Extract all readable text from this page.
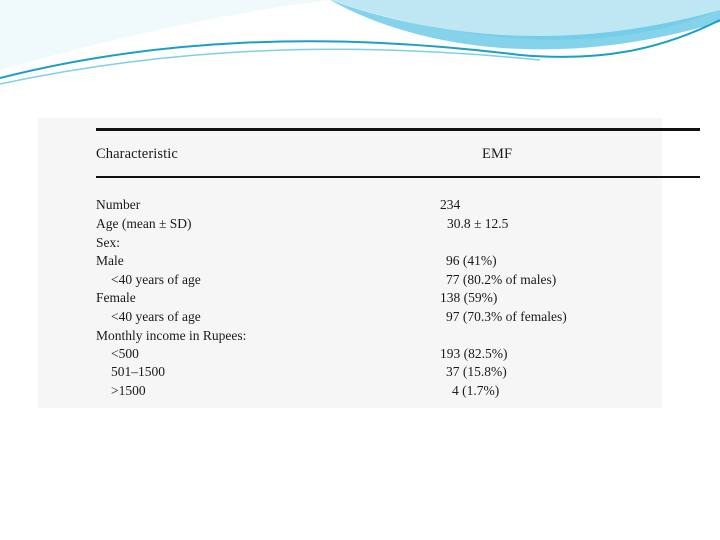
Characteristic	EMF
Number	234
Age (mean ± SD)	30.8 ± 12.5
Sex:
Male	96 (41%)
<40 years of age	77 (80.2% of males)
Female	138 (59%)
<40 years of age	97 (70.3% of females)
Monthly income in Rupees:
<500	193 (82.5%)
501–1500	37 (15.8%)
>1500	4 (1.7%)
